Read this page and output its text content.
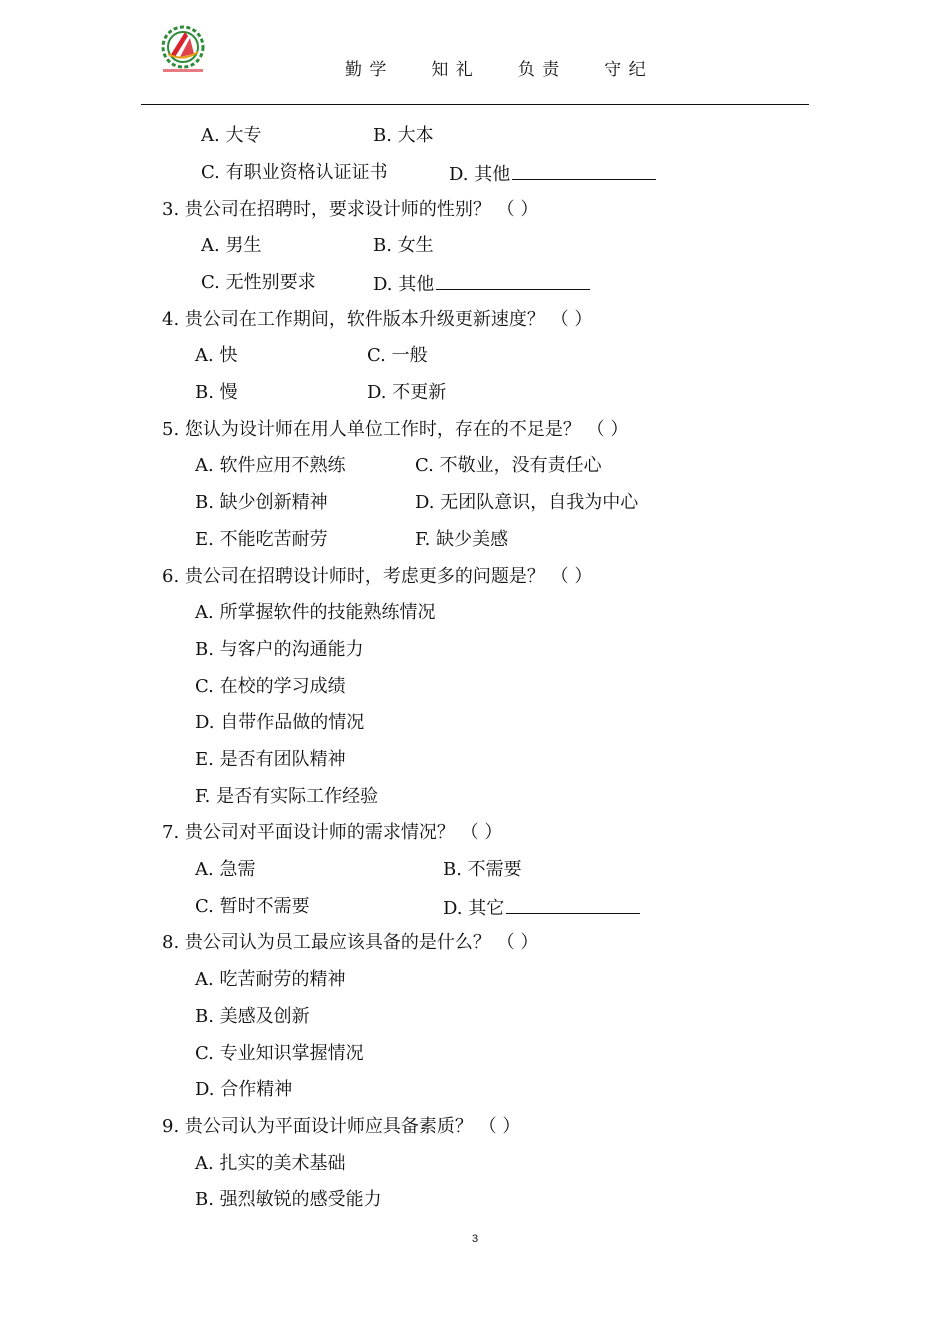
勤 学	知 礼	负 责	守 纪
A. 大专	B. 大本
C. 有职业资格认证证书	D. 其他
3. 贵公司在招聘时，要求设计师的性别？ （ ）
A. 男生	B. 女生
C. 无性别要求	D. 其他
4. 贵公司在工作期间，软件版本升级更新速度？ （ ）
A. 快	C. 一般
B. 慢	D. 不更新
5. 您认为设计师在用人单位工作时，存在的不足是？ （ ）
A. 软件应用不熟练	C. 不敬业，没有责任心
B. 缺少创新精神	D. 无团队意识，自我为中心
E. 不能吃苦耐劳	F. 缺少美感
6. 贵公司在招聘设计师时，考虑更多的问题是？ （ ）
A. 所掌握软件的技能熟练情况
B. 与客户的沟通能力
C. 在校的学习成绩
D. 自带作品做的情况
E. 是否有团队精神
F. 是否有实际工作经验
7. 贵公司对平面设计师的需求情况？ （ ）
A. 急需	B. 不需要
C. 暂时不需要	D. 其它
8. 贵公司认为员工最应该具备的是什么？ （ ）
A. 吃苦耐劳的精神
B. 美感及创新
C. 专业知识掌握情况
D. 合作精神
9. 贵公司认为平面设计师应具备素质？ （ ）
A. 扎实的美术基础
B. 强烈敏锐的感受能力
3
